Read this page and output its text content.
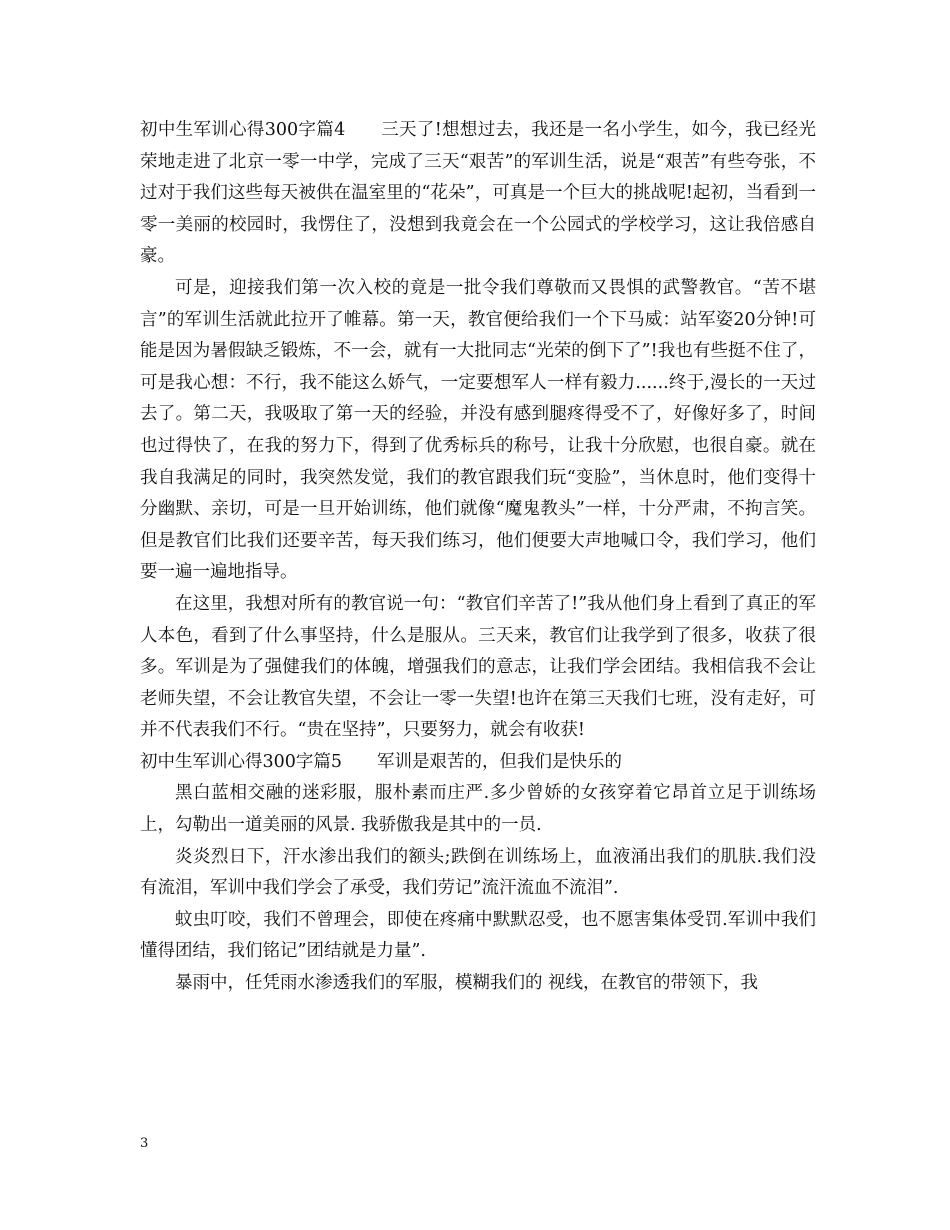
初中生军训心得300字篇4　　三天了!想想过去，我还是一名小学生，如今，我已经光荣地走进了北京一零一中学，完成了三天“艰苦”的军训生活，说是“艰苦”有些夸张，不过对于我们这些每天被供在温室里的“花朵”，可真是一个巨大的挑战呢!起初，当看到一零一美丽的校园时，我愣住了，没想到我竟会在一个公园式的学校学习，这让我倍感自豪。

可是，迎接我们第一次入校的竟是一批令我们尊敬而又畏惧的武警教官。“苦不堪言”的军训生活就此拉开了帷幕。第一天，教官便给我们一个下马威：站军姿20分钟!可能是因为暑假缺乏锻炼，不一会，就有一大批同志“光荣的倒下了”!我也有些挺不住了，可是我心想：不行，我不能这么娇气，一定要想军人一样有毅力......终于,漫长的一天过去了。第二天，我吸取了第一天的经验，并没有感到腿疼得受不了，好像好多了，时间也过得快了，在我的努力下，得到了优秀标兵的称号，让我十分欣慰，也很自豪。就在我自我满足的同时，我突然发觉，我们的教官跟我们玩“变脸”，当休息时，他们变得十分幽默、亲切，可是一旦开始训练，他们就像“魔鬼教头”一样，十分严肃，不拘言笑。但是教官们比我们还要辛苦，每天我们练习，他们便要大声地喊口令，我们学习，他们要一遍一遍地指导。

在这里，我想对所有的教官说一句：“教官们辛苦了!”我从他们身上看到了真正的军人本色，看到了什么事坚持，什么是服从。三天来，教官们让我学到了很多，收获了很多。军训是为了强健我们的体魄，增强我们的意志，让我们学会团结。我相信我不会让老师失望，不会让教官失望，不会让一零一失望!也许在第三天我们七班，没有走好，可并不代表我们不行。“贵在坚持”，只要努力，就会有收获!

初中生军训心得300字篇5　　军训是艰苦的，但我们是快乐的

黑白蓝相交融的迷彩服，服朴素而庄严.多少曾娇的女孩穿着它昂首立足于训练场上，勾勒出一道美丽的风景. 我骄傲我是其中的一员.

炎炎烈日下，汗水渗出我们的额头;跌倒在训练场上，血液涌出我们的肌肤.我们没有流泪，军训中我们学会了承受，我们劳记”流汗流血不流泪”.

蚊虫叮咬，我们不曾理会，即使在疼痛中默默忍受，也不愿害集体受罚.军训中我们懂得团结，我们铭记”团结就是力量”.

暴雨中，任凭雨水渗透我们的军服，模糊我们的 视线，在教官的带领下，我

3
